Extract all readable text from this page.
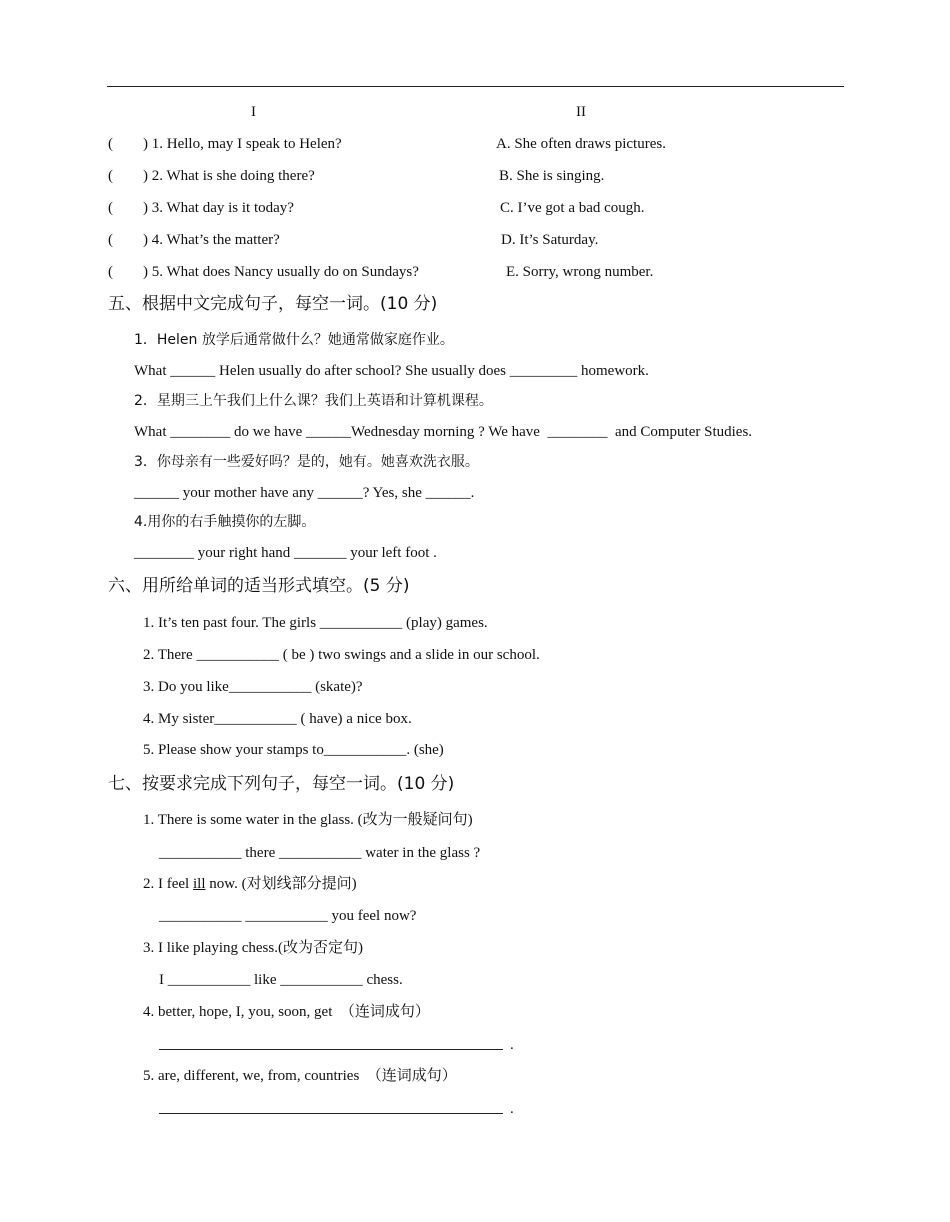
I	II
(        ) 1. Hello, may I speak to Helen?
(        ) 2. What is she doing there?
(        ) 3. What day is it today?
(        ) 4. What’s the matter?
(        ) 5. What does Nancy usually do on Sundays?
A. She often draws pictures.
B. She is singing.
C. I’ve got a bad cough.
D. It’s Saturday.
E. Sorry, wrong number.
五、根据中文完成句子，每空一词。(10 分)
1．Helen 放学后通常做什么？她通常做家庭作业。
What ______ Helen usually do after school? She usually does _________ homework.
2．星期三上午我们上什么课？我们上英语和计算机课程。
What ________ do we have ______Wednesday morning ? We have  ________  and Computer Studies.
3．你母亲有一些爱好吗？是的，她有。她喜欢洗衣服。
______ your mother have any ______? Yes, she ______.
4.用你的右手触摸你的左脚。
________ your right hand _______ your left foot .
六、用所给单词的适当形式填空。(5 分)
1. It’s ten past four. The girls ___________ (play) games.
2. There ___________ ( be ) two swings and a slide in our school.
3. Do you like___________ (skate)?
4. My sister___________ ( have) a nice box.
5. Please show your stamps to___________. (she)
七、按要求完成下列句子，每空一词。(10 分)
1. There is some water in the glass. (改为一般疑问句)
___________ there ___________ water in the glass ?
2. I feel ill now. (对划线部分提问)
___________ ___________ you feel now?
3. I like playing chess.(改为否定句)
I ___________ like ___________ chess.
4. better, hope, I, you, soon, get  （连词成句）
.
5. are, different, we, from, countries  （连词成句）
.
